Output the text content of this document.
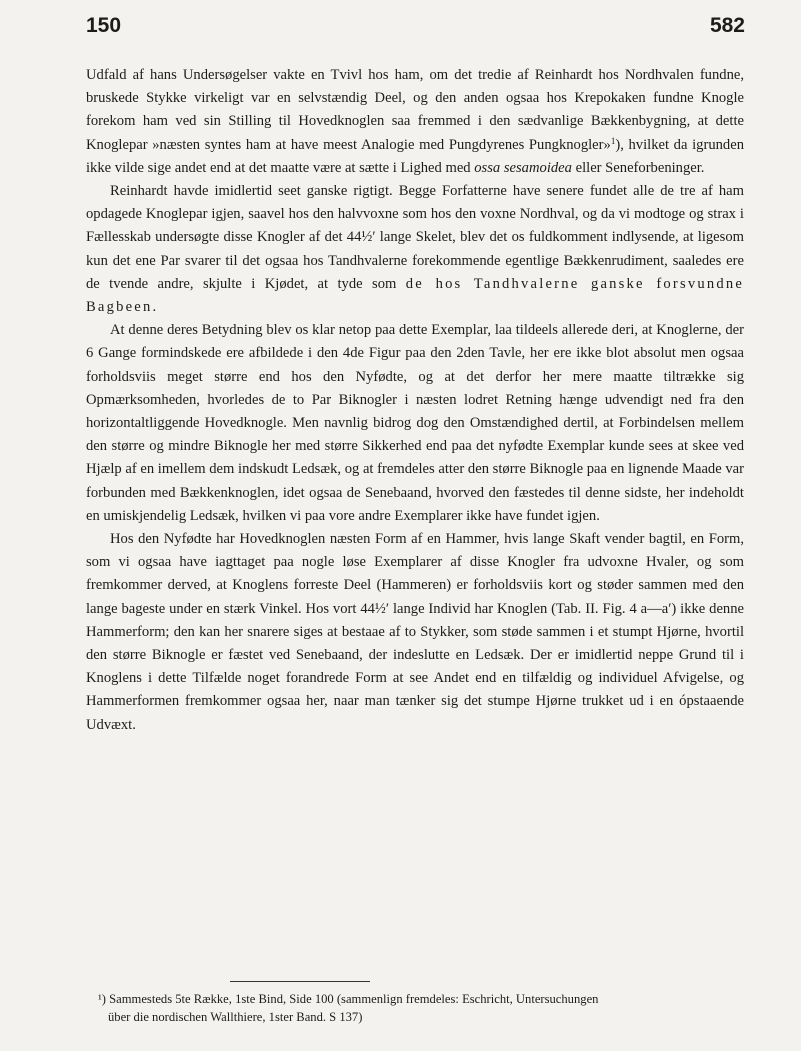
150	582

Udfald af hans Undersøgelser vakte en Tvivl hos ham, om det tredie af Reinhardt hos Nordhvalen fundne, bruskede Stykke virkeligt var en selvstændig Deel, og den anden ogsaa hos Krepokaken fundne Knogle forekom ham ved sin Stilling til Hovedknoglen saa fremmed i den sædvanlige Bækkenbygning, at dette Knoglepar »næsten syntes ham at have meest Analogie med Pungdyrenes Pungknogler»$^1$), hvilket da igrunden ikke vilde sige andet end at det maatte være at sætte i Lighed med ossa sesamoidea eller Seneforbeninger.

Reinhardt havde imidlertid seet ganske rigtigt. Begge Forfatterne have senere fundet alle de tre af ham opdagede Knoglepar igjen, saavel hos den halvvoxne som hos den voxne Nordhval, og da vi modtoge og strax i Fællesskab undersøgte disse Knogler af det 44½′ lange Skelet, blev det os fuldkomment indlysende, at ligesom kun det ene Par svarer til det ogsaa hos Tandhvalerne forekommende egentlige Bækkenrudiment, saaledes ere de tvende andre, skjulte i Kjødet, at tyde som de hos Tandhvalerne ganske forsvundne Bagbeen.

At denne deres Betydning blev os klar netop paa dette Exemplar, laa tildeels allerede deri, at Knoglerne, der 6 Gange formindskede ere afbildede i den 4de Figur paa den 2den Tavle, her ere ikke blot absolut men ogsaa forholdsviis meget større end hos den Nyfødte, og at det derfor her mere maatte tiltrække sig Opmærksomheden, hvorledes de to Par Biknogler i næsten lodret Retning hænge udvendigt ned fra den horizontaltliggende Hovedknogle. Men navnlig bidrog dog den Omstændighed dertil, at Forbindelsen mellem den større og mindre Biknogle her med større Sikkerhed end paa det nyfødte Exemplar kunde sees at skee ved Hjælp af en imellem dem indskudt Ledsæk, og at fremdeles atter den større Biknogle paa en lignende Maade var forbunden med Bækkenknoglen, idet ogsaa de Senebaand, hvorved den fæstedes til denne sidste, her indeholdt en umiskjendelig Ledsæk, hvilken vi paa vore andre Exemplarer ikke have fundet igjen.

Hos den Nyfødte har Hovedknoglen næsten Form af en Hammer, hvis lange Skaft vender bagtil, en Form, som vi ogsaa have iagttaget paa nogle løse Exemplarer af disse Knogler fra udvoxne Hvaler, og som fremkommer derved, at Knoglens forreste Deel (Hammeren) er forholdsviis kort og støder sammen med den lange bageste under en stærk Vinkel. Hos vort 44½′ lange Individ har Knoglen (Tab. II. Fig. 4 a—a′) ikke denne Hammerform; den kan her snarere siges at bestaae af to Stykker, som støde sammen i et stumpt Hjørne, hvortil den større Biknogle er fæstet ved Senebaand, der indeslutte en Ledsæk. Der er imidlertid neppe Grund til i Knoglens i dette Tilfælde noget forandrede Form at see Andet end en tilfældig og individuel Afvigelse, og Hammerformen fremkommer ogsaa her, naar man tænker sig det stumpe Hjørne trukket ud i en ópstaaende Udvæxt.

¹) Sammesteds 5te Række, 1ste Bind, Side 100 (sammenlign fremdeles: Eschricht, Untersuchungen
über die nordischen Wallthiere, 1ster Band. S 137)
